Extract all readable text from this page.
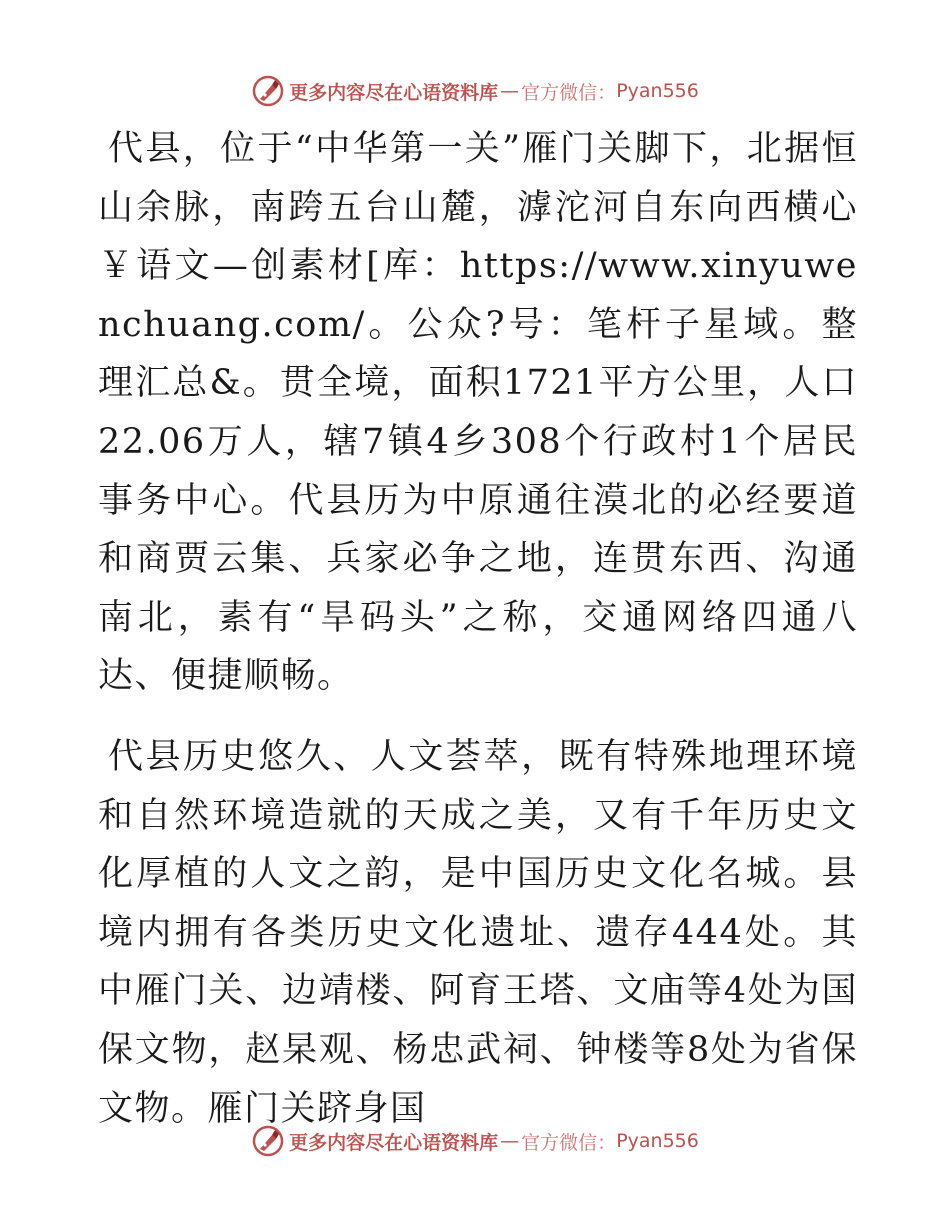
更多内容尽在心语资料库 — 官方微信： Pyan556

代县，位于“中华第一关”雁门关脚下，北据恒山余脉，南跨五台山麓，滹沱河自东向西横心￥语文—创素材[库：https://www.xinyuwenchuang.com/。公众?号：笔杆子星域。整理汇总&。贯全境，面积1721平方公里，人口22.06万人，辖7镇4乡308个行政村1个居民事务中心。代县历为中原通往漠北的必经要道和商贾云集、兵家必争之地，连贯东西、沟通南北，素有“旱码头”之称，交通网络四通八达、便捷顺畅。

代县历史悠久、人文荟萃，既有特殊地理环境和自然环境造就的天成之美，又有千年历史文化厚植的人文之韵，是中国历史文化名城。县境内拥有各类历史文化遗址、遗存444处。其中雁门关、边靖楼、阿育王塔、文庙等4处为国保文物，赵杲观、杨忠武祠、钟楼等8处为省保文物。雁门关跻身国

更多内容尽在心语资料库 — 官方微信： Pyan556
